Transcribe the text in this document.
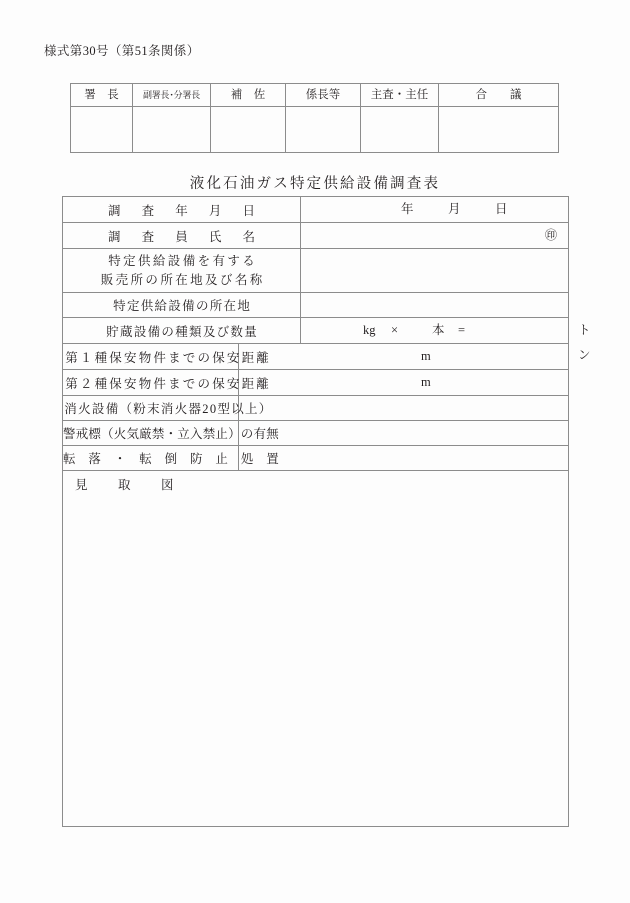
様式第30号（第51条関係）
署　長	副署長･分署長	補　佐	係長等	主査・主任	合　　議

液化石油ガス特定供給設備調査表
調　査　年　月　日		年 月 日

調　査　員　氏　名		㊞

特定供給設備を有する
販売所の所在地及び名称		

特定供給設備の所在地		
貯蔵設備の種類及び数量		kg × 本 = トン

第１種保安物件までの保安距離	m	

第２種保安物件までの保安距離	m	

消火設備（粉末消火器20型以上）		
警戒標（火気厳禁・立入禁止）の有無		
転　落　・　転　倒　防　止　処　置		
見　取　図		
